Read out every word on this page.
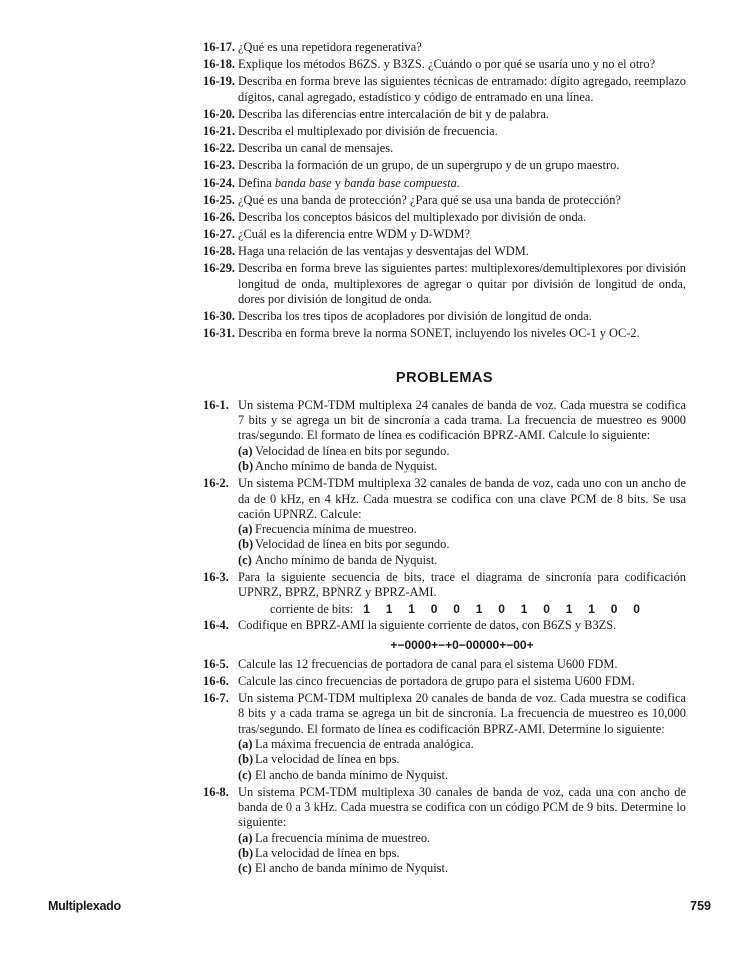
16-17. ¿Qué es una repetidora regenerativa?
16-18. Explique los métodos B6ZS. y B3ZS. ¿Cuándo o por qué se usaría uno y no el otro?
16-19. Describa en forma breve las siguientes técnicas de entramado: dígito agregado, reemplazo
dígitos, canal agregado, estadístico y código de entramado en una línea.
16-20. Describa las diferencias entre intercalación de bit y de palabra.
16-21. Describa el multiplexado por división de frecuencia.
16-22. Describa un canal de mensajes.
16-23. Describa la formación de un grupo, de un supergrupo y de un grupo maestro.
16-24. Defina banda base y banda base compuesta.
16-25. ¿Qué es una banda de protección? ¿Para qué se usa una banda de protección?
16-26. Describa los conceptos básicos del multiplexado por división de onda.
16-27. ¿Cuál es la diferencia entre WDM y D-WDM?
16-28. Haga una relación de las ventajas y desventajas del WDM.
16-29. Describa en forma breve las siguientes partes: multiplexores/demultiplexores por división
longitud de onda, multiplexores de agregar o quitar por división de longitud de onda,
dores por división de longitud de onda.
16-30. Describa los tres tipos de acopladores por división de longitud de onda.
16-31. Describa en forma breve la norma SONET, incluyendo los niveles OC-1 y OC-2.
PROBLEMAS
16-1. Un sistema PCM-TDM multiplexa 24 canales de banda de voz. Cada muestra se codifica
7 bits y se agrega un bit de sincronía a cada trama. La frecuencia de muestreo es 9000
tras/segundo. El formato de línea es codificación BPRZ-AMI. Calcule lo siguiente:
(a) Velocidad de línea en bits por segundo.
(b) Ancho mínimo de banda de Nyquist.
16-2. Un sistema PCM-TDM multiplexa 32 canales de banda de voz, cada uno con un ancho de
da de 0 kHz, en 4 kHz. Cada muestra se codifica con una clave PCM de 8 bits. Se usa
cación UPNRZ. Calcule:
(a) Frecuencia mínima de muestreo.
(b) Velocidad de línea en bits por segundo.
(c) Ancho mínimo de banda de Nyquist.
16-3. Para la siguiente secuencia de bits, trace el diagrama de sincronía para codificación
UPNRZ, BPRZ, BPNRZ y BPRZ-AMI.
corriente de bits: 1 1 1 0 0 1 0 1 0 1 1 0 0
16-4. Codifique en BPRZ-AMI la siguiente corriente de datos, con B6ZS y B3ZS.
+−0000+−+0−00000+−00+
16-5. Calcule las 12 frecuencias de portadora de canal para el sistema U600 FDM.
16-6. Calcule las cinco frecuencias de portadora de grupo para el sistema U600 FDM.
16-7. Un sistema PCM-TDM multiplexa 20 canales de banda de voz. Cada muestra se codifica
8 bits y a cada trama se agrega un bit de sincronía. La frecuencia de muestreo es 10,000
tras/segundo. El formato de línea es codificación BPRZ-AMI. Determine lo siguiente:
(a) La máxima frecuencia de entrada analógica.
(b) La velocidad de línea en bps.
(c) El ancho de banda mínimo de Nyquist.
16-8. Un sistema PCM-TDM multiplexa 30 canales de banda de voz, cada una con ancho de
banda de 0 a 3 kHz. Cada muestra se codifica con un código PCM de 9 bits. Determine lo
siguiente:
(a) La frecuencia mínima de muestreo.
(b) La velocidad de línea en bps.
(c) El ancho de banda mínimo de Nyquist.
Multiplexado	759
